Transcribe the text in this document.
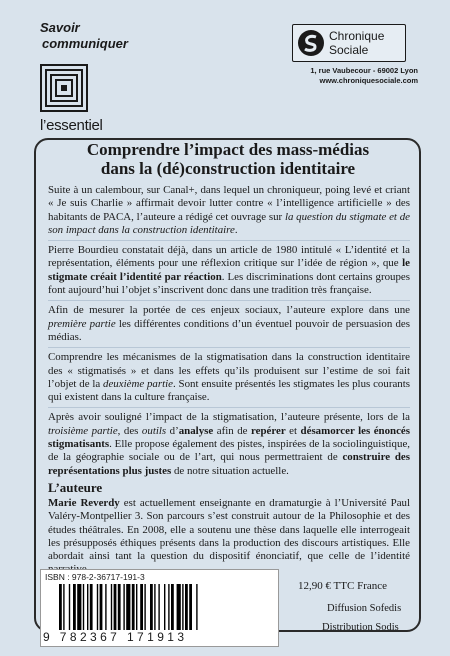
Savoir
communiquer
l’essentiel
Chronique
Sociale
1, rue Vaubecour - 69002 Lyon
www.chroniquesociale.com
Comprendre l’impact des mass-médias
dans la (dé)construction identitaire

Suite à un calembour, sur Canal+, dans lequel un chroniqueur, poing levé et criant « Je suis Charlie » affirmait devoir lutter contre « l’intelligence artificielle » des habitants de PACA, l’auteure a rédigé cet ouvrage sur la question du stigmate et de son impact dans la construction identitaire.

Pierre Bourdieu constatait déjà, dans un article de 1980 intitulé « L’identité et la représentation, éléments pour une réflexion critique sur l’idée de région », que le stigmate créait l’identité par réaction. Les discriminations dont certains groupes font aujourd’hui l’objet s’inscrivent donc dans une tradition très française.

Afin de mesurer la portée de ces enjeux sociaux, l’auteure explore dans une première partie les différentes conditions d’un éventuel pouvoir de persuasion des médias.

Comprendre les mécanismes de la stigmatisation dans la construction identitaire des « stigmatisés » et dans les effets qu’ils produisent sur l’estime de soi fait l’objet de la deuxième partie. Sont ensuite présentés les stigmates les plus courants qui existent dans la culture française.

Après avoir souligné l’impact de la stigmatisation, l’auteure présente, lors de la troisième partie, des outils d’analyse afin de repérer et désamorcer les énoncés stigmatisants. Elle propose également des pistes, inspirées de la sociolinguistique, de la géographie sociale ou de l’art, qui nous permettraient de construire des représentations plus justes de notre situation actuelle.

L’auteure

Marie Reverdy est actuellement enseignante en dramaturgie à l’Université Paul Valéry-Montpellier 3. Son parcours s’est construit autour de la Philosophie et des études théâtrales. En 2008, elle a soutenu une thèse dans laquelle elle interrogeait les présupposés éthiques présents dans la production des discours artistiques. Elle abordait ainsi tant la question du dispositif énonciatif, que celle de l’identité

ISBN : 978-2-36717-191-3
9 782367 171913
12,90 € TTC France
Diffusion Sofedis
Distribution Sodis
